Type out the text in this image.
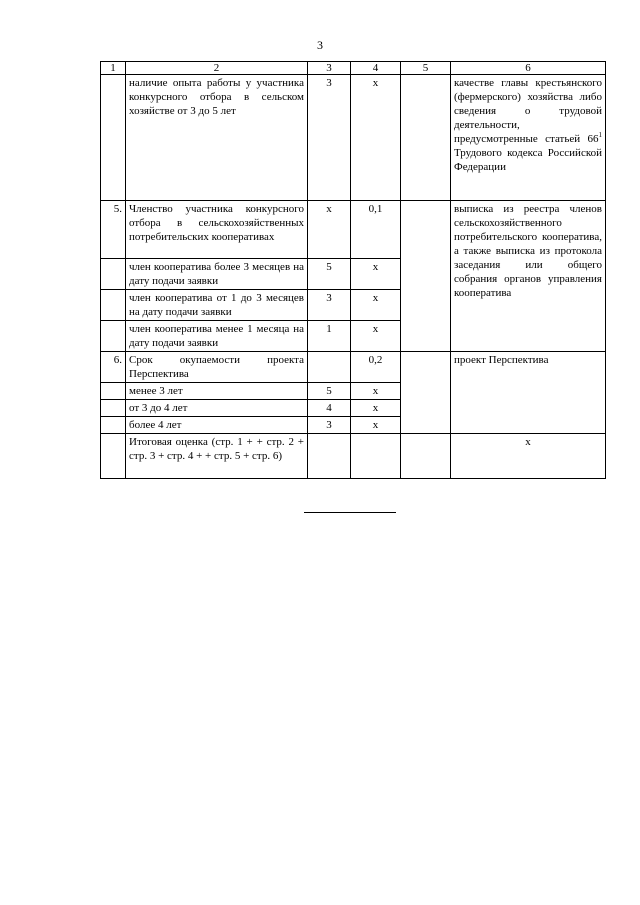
3
1	2	3	4	5	6
	наличие опыта работы у участника конкурсного отбора в сельском хозяйстве от 3 до 5 лет	3	x		качестве главы крестьянского (фермерского) хозяйства либо сведения о трудовой деятельности, предусмотренные статьей $66^1$ Трудового кодекса Российской Федерации
5.	Членство участника конкурсного отбора в сельскохозяйственных потребительских кооперативах	x	0,1		выписка из реестра членов сельскохозяйственного потребительского кооператива, а также выписка из протокола заседания или общего собрания органов управления кооператива
	член кооператива более 3 месяцев на дату подачи заявки	5	x		
	член кооператива от 1 до 3 месяцев на дату подачи заявки	3	x		
	член кооператива менее 1 месяца на дату подачи заявки	1	x		
6.	Срок окупаемости проекта Перспектива		0,2		проект Перспектива
	менее 3 лет	5	x		
	от 3 до 4 лет	4	x		
	более 4 лет	3	x		
	Итоговая оценка (стр. 1 + + стр. 2 + стр. 3 + стр. 4 + + стр. 5 + стр. 6)				x
